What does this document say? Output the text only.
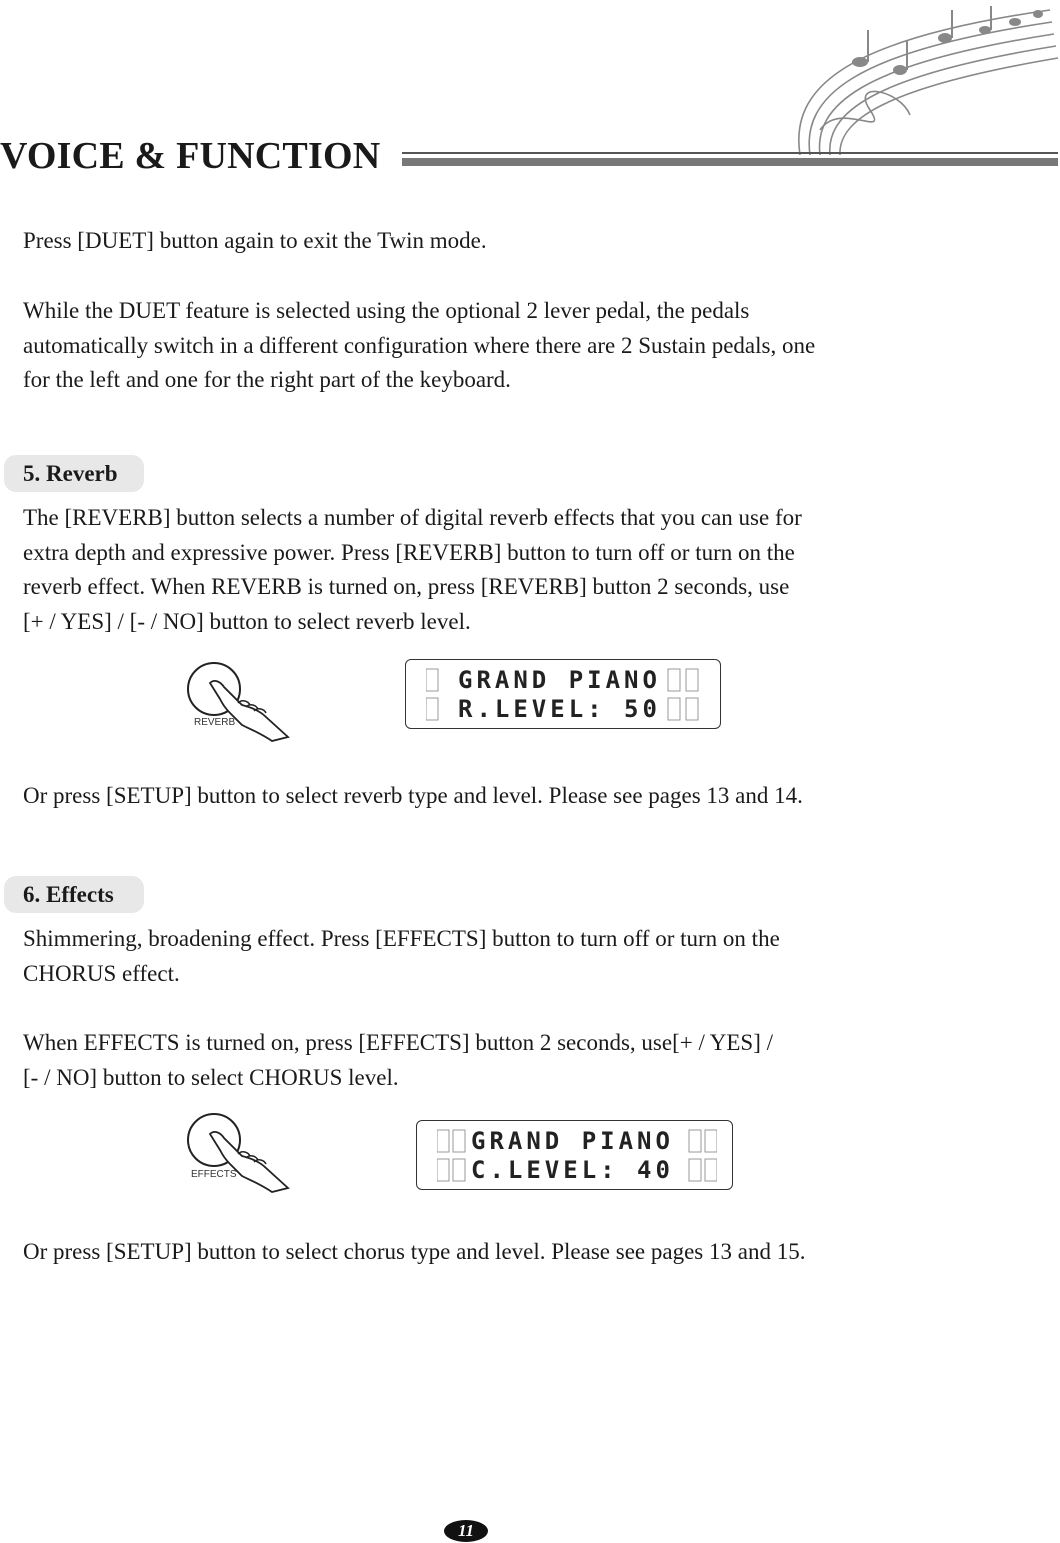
VOICE & FUNCTION
Press [DUET] button again to exit the Twin mode.
While the DUET feature is selected using the optional 2 lever pedal, the pedals
automatically switch in a different configuration where there are 2 Sustain pedals, one
for the left and one for the right part of the keyboard.
5. Reverb
The [REVERB] button selects a number of digital reverb effects that you can use for
extra depth and expressive power. Press [REVERB] button to turn off or turn on the
reverb effect. When REVERB is turned on, press [REVERB] button 2 seconds, use
[+ / YES] / [- / NO] button to select reverb level.
REVERB
GRAND PIANO
R.LEVEL: 50
Or press [SETUP] button to select reverb type and level. Please see pages 13 and 14.
6. Effects
Shimmering, broadening effect. Press [EFFECTS] button to turn off or turn on the
CHORUS effect.
When EFFECTS is turned on, press [EFFECTS] button 2 seconds, use[+ / YES] /
[- / NO] button to select CHORUS level.
EFFECTS
GRAND PIANO
C.LEVEL: 40
Or press [SETUP] button to select chorus type and level. Please see pages 13 and 15.
11
